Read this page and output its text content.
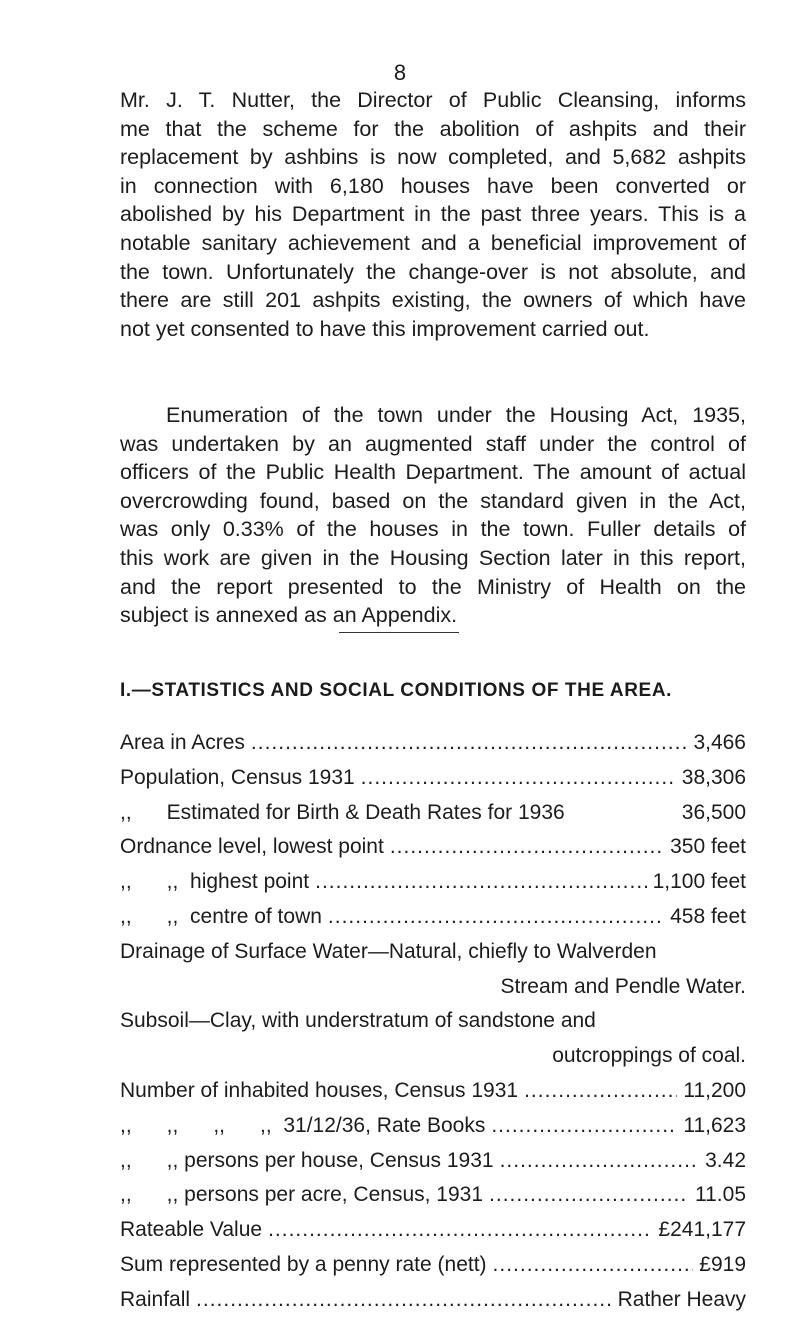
8

Mr. J. T. Nutter, the Director of Public Cleansing, informs
me that the scheme for the abolition of ashpits and their
replacement by ashbins is now completed, and 5,682 ashpits
in connection with 6,180 houses have been converted or
abolished by his Department in the past three years. This is a
notable sanitary achievement and a beneficial improvement of
the town. Unfortunately the change-over is not absolute, and
there are still 201 ashpits existing, the owners of which have
not yet consented to have this improvement carried out.

Enumeration of the town under the Housing Act, 1935,
was undertaken by an augmented staff under the control of
officers of the Public Health Department. The amount of actual
overcrowding found, based on the standard given in the Act,
was only 0.33% of the houses in the town. Fuller details of
this work are given in the Housing Section later in this report,
and the report presented to the Ministry of Health on the
subject is annexed as an Appendix.

I.—STATISTICS AND SOCIAL CONDITIONS OF THE AREA.
Area in Acres .....	3,466
Population, Census 1931 .....	38,306
,,      Estimated for Birth & Death Rates for 1936	36,500
Ordnance level, lowest point .....	350 feet
,,      ,,  highest point .....	1,100 feet
,,      ,,  centre of town .....	458 feet
Drainage of Surface Water—Natural, chiefly to Walverden
Stream and Pendle Water.
Subsoil—Clay, with understratum of sandstone and
outcroppings of coal.
Number of inhabited houses, Census 1931 .....	11,200
,,      ,,      ,,      ,,  31/12/36, Rate Books .....	11,623
,,      ,, persons per house, Census 1931 .....	3.42
,,      ,, persons per acre, Census, 1931 .....	11.05
Rateable Value .....	£241,177
Sum represented by a penny rate (nett) .....	£919
Rainfall .....	Rather Heavy
